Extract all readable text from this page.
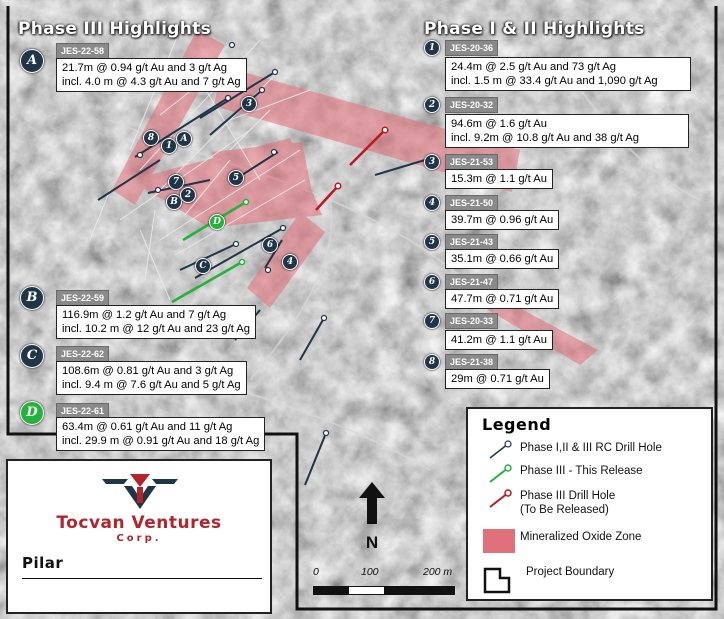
Phase III Highlights	Phase I & II Highlights
A
JES-22-58
21.7m @ 0.94 g/t Au and 3 g/t Ag
incl. 4.0 m @ 4.3 g/t Au and 7 g/t Ag
B	JES-22-59
116.9m @ 1.2 g/t Au and 7 g/t Ag
incl. 10.2 m @ 12 g/t Au and 23 g/t Ag
C	JES-22-62
108.6m @ 0.81 g/t Au and 3 g/t Ag
incl. 9.4 m @ 7.6 g/t Au and 5 g/t Ag
D	JES-22-61
63.4m @ 0.61 g/t Au and 11 g/t Ag
incl. 29.9 m @ 0.91 g/t Au and 18 g/t Ag
1	JES-20-36
24.4m @ 2.5 g/t Au and 73 g/t Ag
incl. 1.5 m @ 33.4 g/t Au and 1,090 g/t Ag
2	JES-20-32
94.6m @ 1.6 g/t Au
incl. 9.2m @ 10.8 g/t Au and 38 g/t Ag
3	JES-21-53
15.3m @ 1.1 g/t Au
4	JES-21-50
39.7m @ 0.96 g/t Au
5	JES-21-43
35.1m @ 0.66 g/t Au
6	JES-21-47
47.7m @ 0.71 g/t Au
7	JES-20-33
41.2m @ 1.1 g/t Au
8	JES-21-38
29m @ 0.71 g/t Au
8
1
A
7
B
2
5
3
D
6
4
C
Legend
Phase I,II & III RC Drill Hole
Phase III - This Release
Phase III Drill Hole
(To Be Released)
Mineralized Oxide Zone
Project Boundary
Tocvan Ventures
Corp.
Pilar
N
0	100	200 m
